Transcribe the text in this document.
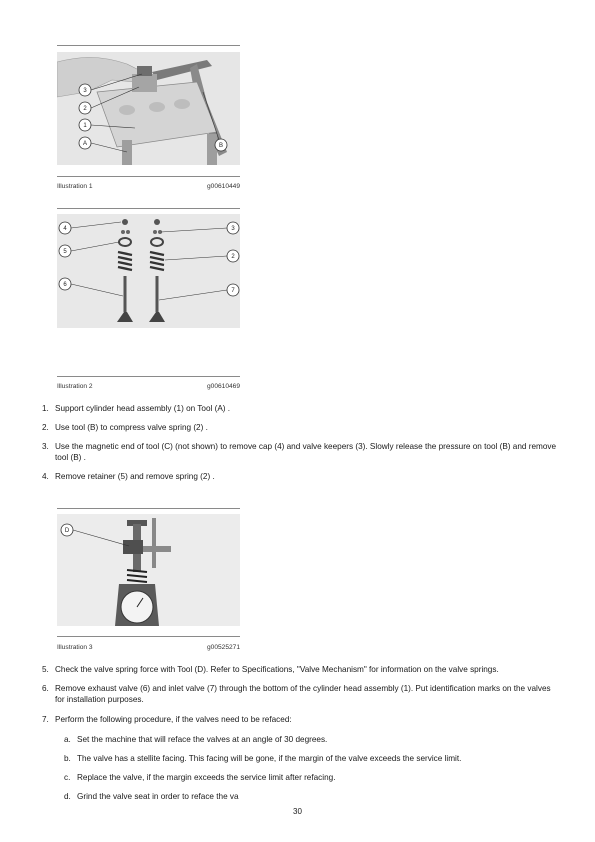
3
2
1
A	B
Illustration 1	g00610449
4
5
6
3
2
7
Illustration 2	g00610469
1. Support cylinder head assembly (1) on Tool (A) .
2. Use tool (B) to compress valve spring (2) .
3. Use the magnetic end of tool (C) (not shown) to remove cap (4) and valve keepers (3). Slowly release the pressure on tool (B) and remove tool (B) .
4. Remove retainer (5) and remove spring (2) .
D
Illustration 3	g00525271
5. Check the valve spring force with Tool (D). Refer to Specifications, "Valve Mechanism" for information on the valve springs.
6. Remove exhaust valve (6) and inlet valve (7) through the bottom of the cylinder head assembly (1). Put identification marks on the valves for installation purposes.
7. Perform the following procedure, if the valves need to be refaced:
a. Set the machine that will reface the valves at an angle of 30 degrees.
b. The valve has a stellite facing. This facing will be gone, if the margin of the valve exceeds the service limit.
c. Replace the valve, if the margin exceeds the service limit after refacing.
d. Grind the valve seat in order to reface the va
30
